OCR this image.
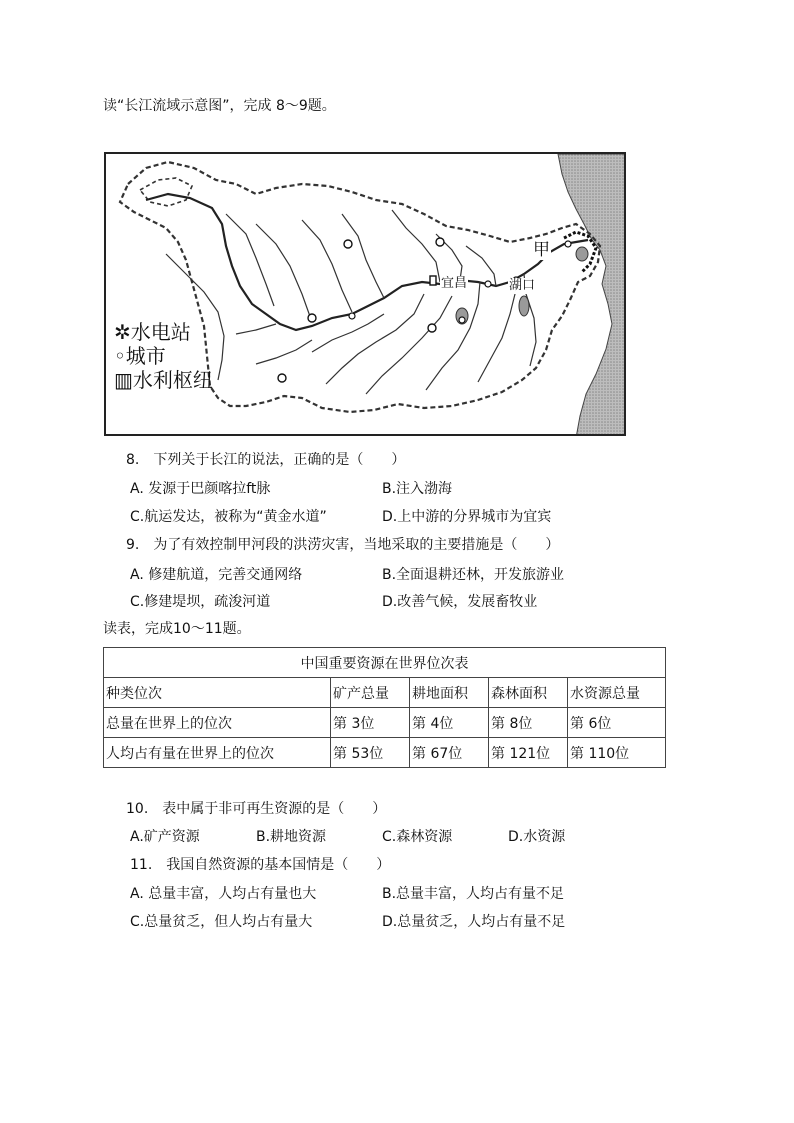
读“长江流域示意图”，完成 8～9题。
✲水电站
◦城市
▥水利枢纽
甲
宜昌	湖口
8.　下列关于长江的说法，正确的是（　　）
A. 发源于巴颜喀拉ft脉	B.注入渤海
C.航运发达，被称为“黄金水道”	D.上中游的分界城市为宜宾
9.　为了有效控制甲河段的洪涝灾害，当地采取的主要措施是（　　）
A. 修建航道，完善交通网络	B.全面退耕还林，开发旅游业
C.修建堤坝，疏浚河道	D.改善气候，发展畜牧业
读表，完成10～11题。
中国重要资源在世界位次表				
种类位次	矿产总量	耕地面积	森林面积	水资源总量
总量在世界上的位次	第 3位	第 4位	第 8位	第 6位
人均占有量在世界上的位次	第 53位	第 67位	第 121位	第 110位
10.　表中属于非可再生资源的是（　　）
A.矿产资源	B.耕地资源	C.森林资源	D.水资源
11.　我国自然资源的基本国情是（　　）
A. 总量丰富，人均占有量也大	B.总量丰富，人均占有量不足
C.总量贫乏，但人均占有量大	D.总量贫乏，人均占有量不足
